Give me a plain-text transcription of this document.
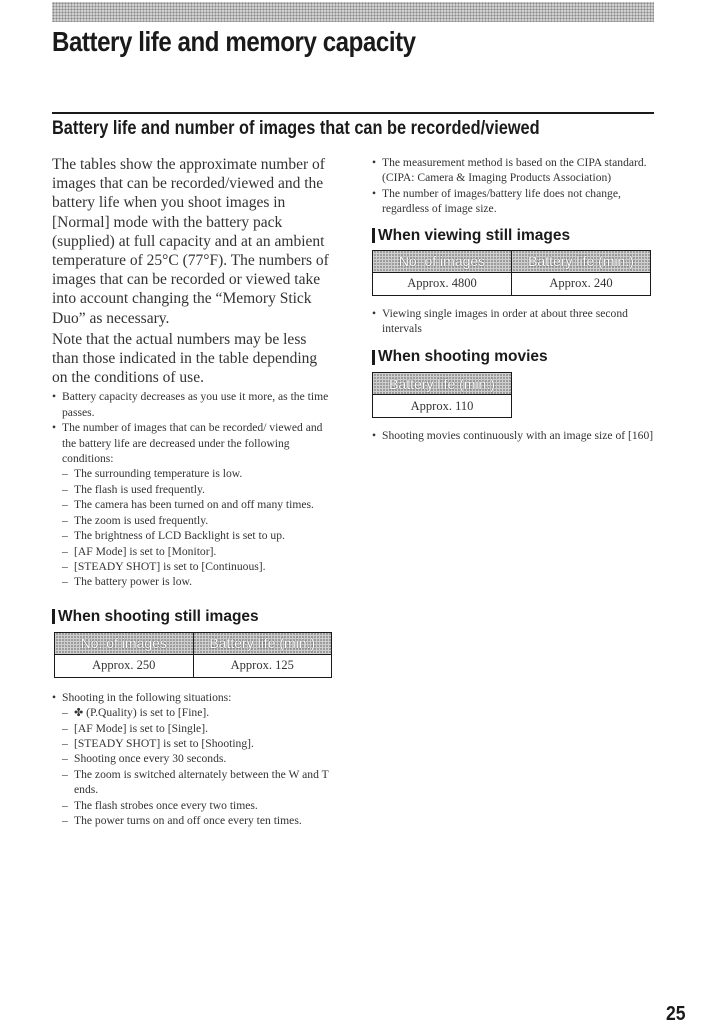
Battery life and memory capacity
Battery life and number of images that can be recorded/viewed

The tables show the approximate number of images that can be recorded/viewed and the battery life when you shoot images in [Normal] mode with the battery pack (supplied) at full capacity and at an ambient temperature of 25°C (77°F). The numbers of images that can be recorded or viewed take into account changing the “Memory Stick Duo” as necessary.

Note that the actual numbers may be less than those indicated in the table depending on the conditions of use.

• Battery capacity decreases as you use it more, as the time passes.
• The number of images that can be recorded/ viewed and the battery life are decreased under the following conditions:
– The surrounding temperature is low.
– The flash is used frequently.
– The camera has been turned on and off many times.
– The zoom is used frequently.
– The brightness of LCD Backlight is set to up.
– [AF Mode] is set to [Monitor].
– [STEADY SHOT] is set to [Continuous].
– The battery power is low.
When shooting still images
No. of images	Battery life (min.)
Approx. 250	Approx. 125
• Shooting in the following situations:
– ✤ (P.Quality) is set to [Fine].
– [AF Mode] is set to [Single].
– [STEADY SHOT] is set to [Shooting].
– Shooting once every 30 seconds.
– The zoom is switched alternately between the W and T ends.
– The flash strobes once every two times.
– The power turns on and off once every ten times.
• The measurement method is based on the CIPA standard.
(CIPA: Camera & Imaging Products Association)
• The number of images/battery life does not change, regardless of image size.
When viewing still images
No. of images	Battery life (min.)
Approx. 4800	Approx. 240
• Viewing single images in order at about three second intervals
When shooting movies
Battery life (min.)
Approx. 110
• Shooting movies continuously with an image size of [160]
25
